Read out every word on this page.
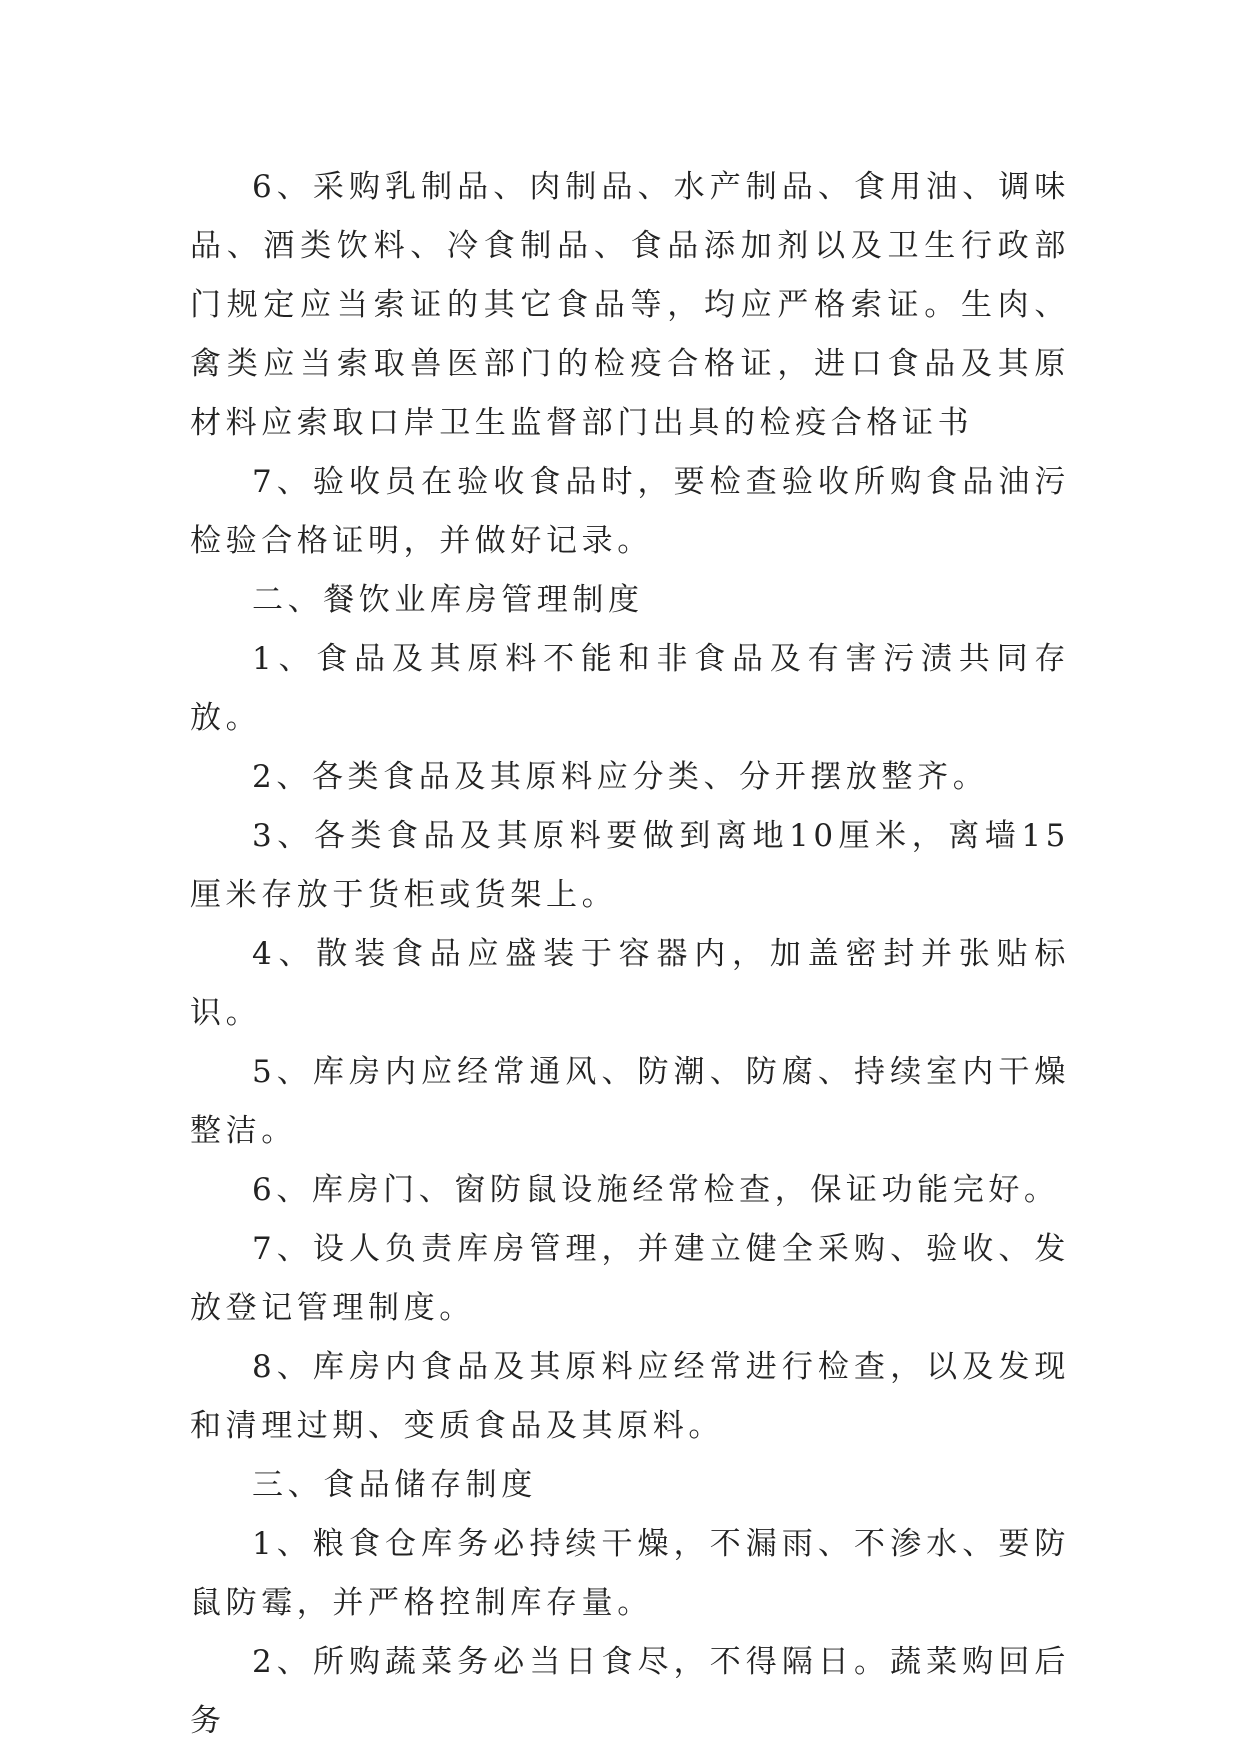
6、采购乳制品、肉制品、水产制品、食用油、调味品、酒类饮料、冷食制品、食品添加剂以及卫生行政部门规定应当索证的其它食品等，均应严格索证。生肉、禽类应当索取兽医部门的检疫合格证，进口食品及其原材料应索取口岸卫生监督部门出具的检疫合格证书

7、验收员在验收食品时，要检查验收所购食品油污检验合格证明，并做好记录。

二、餐饮业库房管理制度

1、食品及其原料不能和非食品及有害污渍共同存放。

2、各类食品及其原料应分类、分开摆放整齐。

3、各类食品及其原料要做到离地10厘米，离墙15厘米存放于货柜或货架上。

4、散装食品应盛装于容器内，加盖密封并张贴标识。

5、库房内应经常通风、防潮、防腐、持续室内干燥整洁。

6、库房门、窗防鼠设施经常检查，保证功能完好。

7、设人负责库房管理，并建立健全采购、验收、发放登记管理制度。

8、库房内食品及其原料应经常进行检查，以及发现和清理过期、变质食品及其原料。

三、食品储存制度

1、粮食仓库务必持续干燥，不漏雨、不渗水、要防鼠防霉，并严格控制库存量。

2、所购蔬菜务必当日食尽，不得隔日。蔬菜购回后务
